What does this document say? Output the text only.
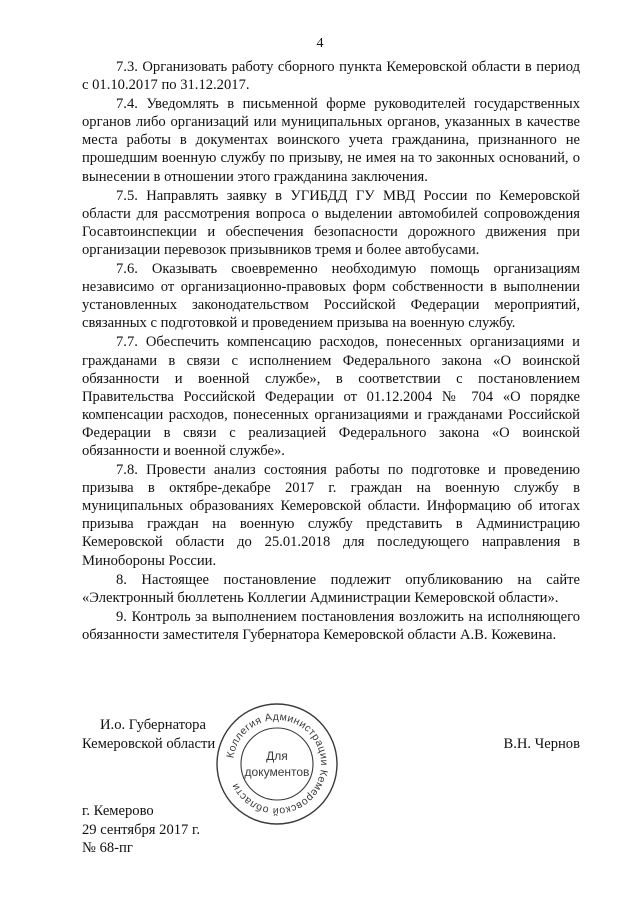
4

7.3. Организовать работу сборного пункта Кемеровской области в период с 01.10.2017 по 31.12.2017.

7.4. Уведомлять в письменной форме руководителей государственных органов либо организаций или муниципальных органов, указанных в качестве места работы в документах воинского учета гражданина, признанного не прошедшим военную службу по призыву, не имея на то законных оснований, о вынесении в отношении этого гражданина заключения.

7.5. Направлять заявку в УГИБДД ГУ МВД России по Кемеровской области для рассмотрения вопроса о выделении автомобилей сопровождения Госавтоинспекции и обеспечения безопасности дорожного движения при организации перевозок призывников тремя и более автобусами.

7.6. Оказывать своевременно необходимую помощь организациям независимо от организационно-правовых форм собственности в выполнении установленных законодательством Российской Федерации мероприятий, связанных с подготовкой и проведением призыва на военную службу.

7.7. Обеспечить компенсацию расходов, понесенных организациями и гражданами в связи с исполнением Федерального закона «О воинской обязанности и военной службе», в соответствии с постановлением Правительства Российской Федерации от 01.12.2004 № 704 «О порядке компенсации расходов, понесенных организациями и гражданами Российской Федерации в связи с реализацией Федерального закона «О воинской обязанности и военной службе».

7.8. Провести анализ состояния работы по подготовке и проведению призыва в октябре-декабре 2017 г. граждан на военную службу в муниципальных образованиях Кемеровской области. Информацию об итогах призыва граждан на военную службу представить в Администрацию Кемеровской области до 25.01.2018 для последующего направления в Минобороны России.

8. Настоящее постановление подлежит опубликованию на сайте «Электронный бюллетень Коллегии Администрации Кемеровской области».

9. Контроль за выполнением постановления возложить на исполняющего обязанности заместителя Губернатора Кемеровской области А.В. Кожевина.

Коллегия Администрации Кемеровской области
Для
документов
И.о. Губернатора
Кемеровской области	В.Н. Чернов
г. Кемерово
29 сентября 2017 г.
№ 68-пг
